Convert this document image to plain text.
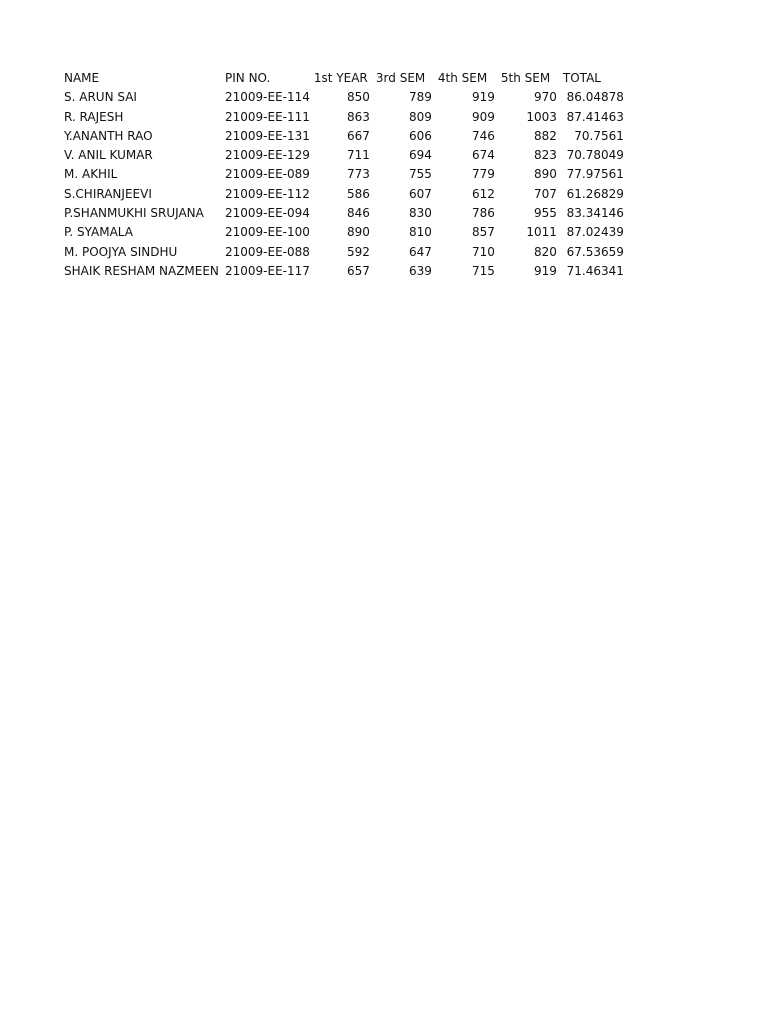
NAME	PIN NO.	1st YEAR	3rd SEM	4th SEM	5th SEM	TOTAL
S. ARUN SAI	21009-EE-114	850	789	919	970	86.04878
R. RAJESH	21009-EE-111	863	809	909	1003	87.41463
Y.ANANTH RAO	21009-EE-131	667	606	746	882	70.7561
V. ANIL KUMAR	21009-EE-129	711	694	674	823	70.78049
M. AKHIL	21009-EE-089	773	755	779	890	77.97561
S.CHIRANJEEVI	21009-EE-112	586	607	612	707	61.26829
P.SHANMUKHI SRUJANA	21009-EE-094	846	830	786	955	83.34146
P. SYAMALA	21009-EE-100	890	810	857	1011	87.02439
M. POOJYA SINDHU	21009-EE-088	592	647	710	820	67.53659
SHAIK RESHAM NAZMEEN	21009-EE-117	657	639	715	919	71.46341
